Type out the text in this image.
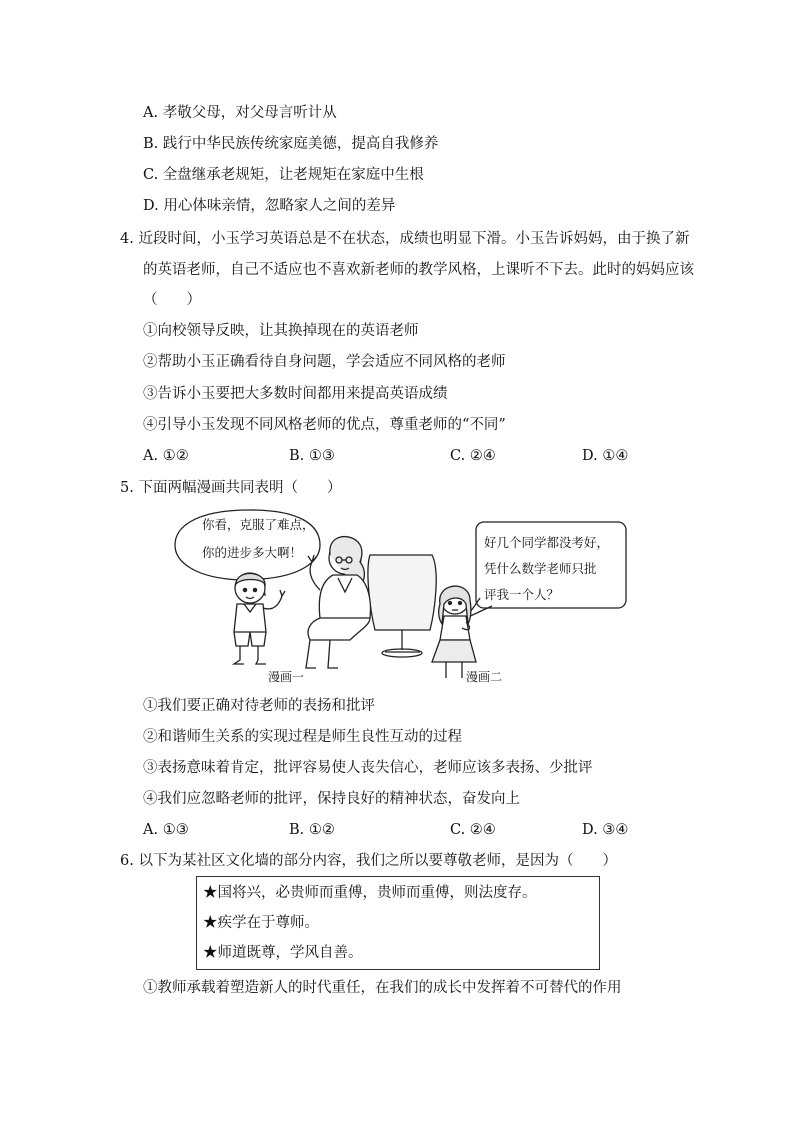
A. 孝敬父母，对父母言听计从
B. 践行中华民族传统家庭美德，提高自我修养
C. 全盘继承老规矩，让老规矩在家庭中生根
D. 用心体味亲情，忽略家人之间的差异
4. 近段时间，小玉学习英语总是不在状态，成绩也明显下滑。小玉告诉妈妈，由于换了新
的英语老师，自己不适应也不喜欢新老师的教学风格，上课听不下去。此时的妈妈应该
（　　）
①向校领导反映，让其换掉现在的英语老师
②帮助小玉正确看待自身问题，学会适应不同风格的老师
③告诉小玉要把大多数时间都用来提高英语成绩
④引导小玉发现不同风格老师的优点，尊重老师的“不同”
A. ①②	B. ①③	C. ②④	D. ①④
5. 下面两幅漫画共同表明（　　）
你看，克服了难点，
你的进步多大啊！
好几个同学都没考好，
凭什么数学老师只批
评我一个人？
漫画一	漫画二
①我们要正确对待老师的表扬和批评
②和谐师生关系的实现过程是师生良性互动的过程
③表扬意味着肯定，批评容易使人丧失信心，老师应该多表扬、少批评
④我们应忽略老师的批评，保持良好的精神状态，奋发向上
A. ①③	B. ①②	C. ②④	D. ③④
6. 以下为某社区文化墙的部分内容，我们之所以要尊敬老师，是因为（　　）
★国将兴，必贵师而重傅，贵师而重傅，则法度存。
★疾学在于尊师。
★师道既尊，学风自善。
①教师承载着塑造新人的时代重任，在我们的成长中发挥着不可替代的作用
